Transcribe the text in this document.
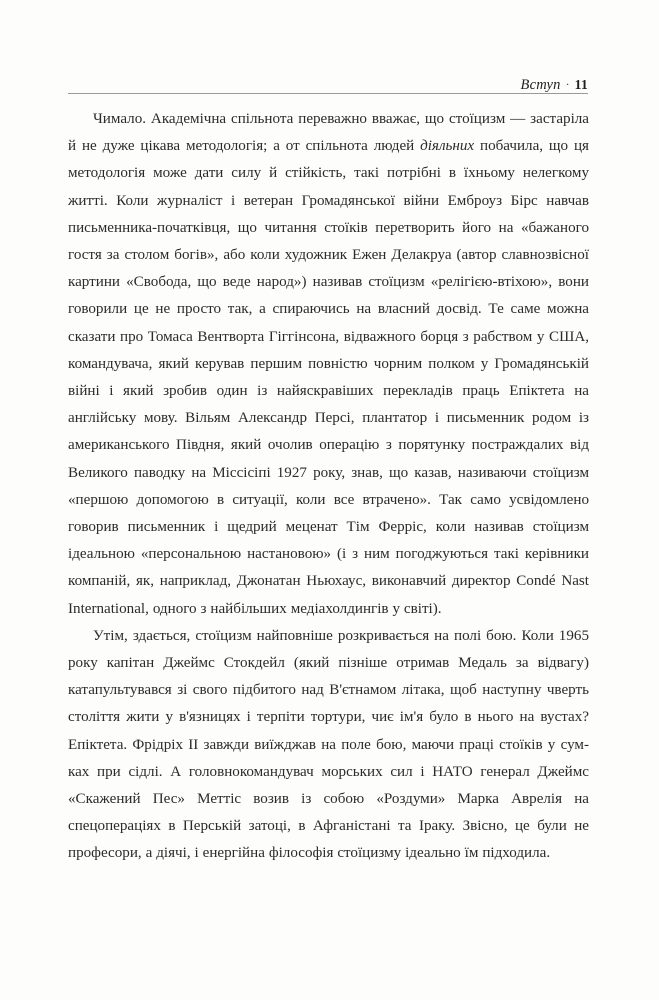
Вступ · 11

Чимало. Академічна спільнота переважно вважає, що стоїцизм — застаріла й не дуже цікава методологія; а от спільнота людей діяльних побачила, що ця методологія може дати силу й стійкість, такі потрібні в їхньому нелегкому житті. Коли журналіст і ветеран Громадянської війни Емброуз Бірс навчав письменника-початківця, що читання стоїків перетворить його на «бажаного гостя за столом богів», або коли художник Ежен Делакруа (автор славнозвісної картини «Свобода, що веде народ») називав стоїцизм «релігією-втіхою», вони говорили це не просто так, а спираючись на власний досвід. Те саме можна сказати про Томаса Вентворта Гіггінсона, відважного борця з рабством у США, командувача, який керував першим повністю чорним полком у Громадянській війні і який зробив один із найяскравіших перекладів праць Епіктета на англійську мову. Вільям Александр Персі, плантатор і письменник родом із американського Півдня, який очолив операцію з порятунку постраждалих від Великого паводку на Міссісіпі 1927 року, знав, що казав, називаючи стоїцизм «першою допомогою в ситуації, коли все втрачено». Так само усвідомлено говорив письменник і щедрий меценат Тім Ферріс, коли називав стоїцизм ідеальною «персональною настановою» (і з ним погоджуються такі керівники компаній, як, наприклад, Джонатан Ньюхаус, виконавчий директор Condé Nast International, одного з найбільших медіахолдингів у світі).

Утім, здається, стоїцизм найповніше розкривається на полі бою. Коли 1965 року капітан Джеймс Стокдейл (який пізніше отримав Медаль за відвагу) катапультувався зі свого підбитого над В'єтнамом літака, щоб наступну чверть століття жити у в'язницях і терпіти тортури, чиє ім'я було в нього на вустах? Епіктета. Фрідріх II завжди виїжджав на поле бою, маючи праці стоїків у сумках при сідлі. А головнокомандувач морських сил і НАТО генерал Джеймс «Скажений Пес» Меттіс возив із собою «Роздуми» Марка Аврелія на спецопераціях в Перській затоці, в Афганістані та Іраку. Звісно, це були не професори, а діячі, і енергійна філософія стоїцизму ідеально їм підходила.
